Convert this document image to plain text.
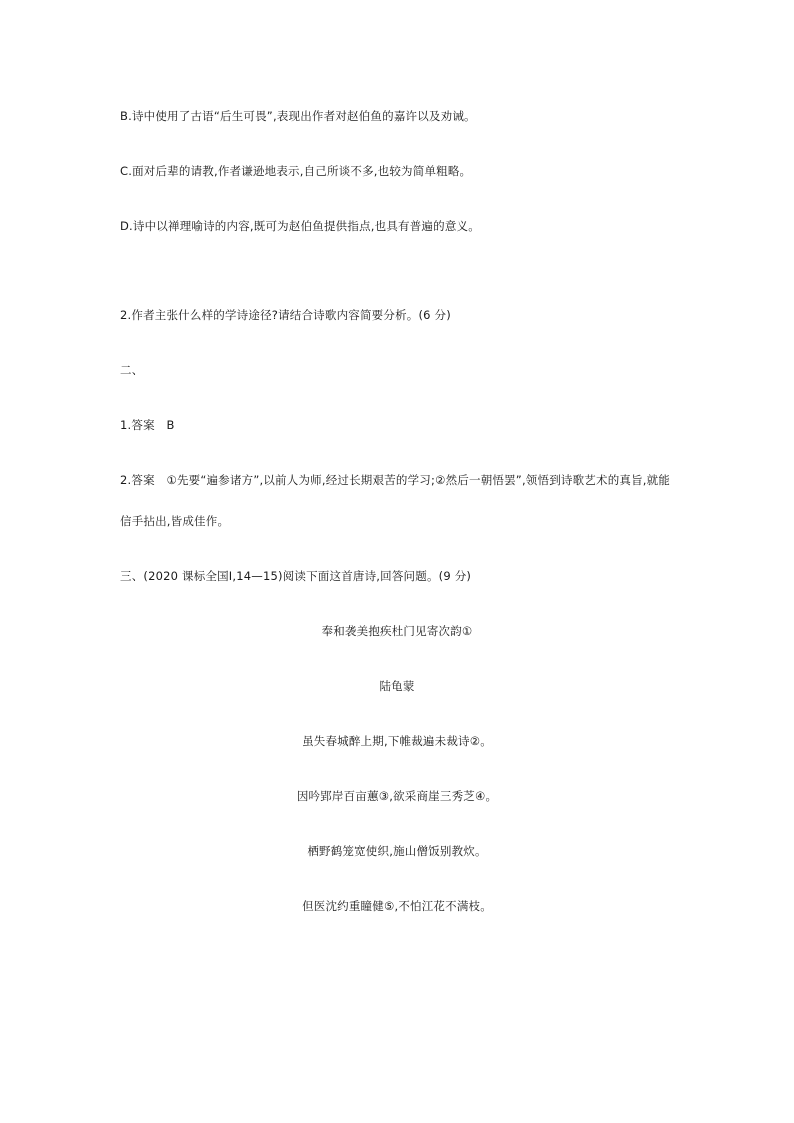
B.诗中使用了古语“后生可畏”,表现出作者对赵伯鱼的嘉许以及劝诫。
C.面对后辈的请教,作者谦逊地表示,自己所谈不多,也较为简单粗略。
D.诗中以禅理喻诗的内容,既可为赵伯鱼提供指点,也具有普遍的意义。
2.作者主张什么样的学诗途径?请结合诗歌内容简要分析。(6 分)
二、
1.答案　B
2.答案　①先要“遍参诸方”,以前人为师,经过长期艰苦的学习;②然后一朝悟罢”,领悟到诗歌艺术的真旨,就能
信手拈出,皆成佳作。
三、(2020 课标全国Ⅰ,14—15)阅读下面这首唐诗,回答问题。(9 分)
奉和袭美抱疾杜门见寄次韵①
陆龟蒙
虽失春城醉上期,下帷裁遍未裁诗②。
因吟郢岸百亩蕙③,欲采商崖三秀芝④。
栖野鹤笼宽使织,施山僧饭别教炊。
但医沈约重瞳健⑤,不怕江花不满枝。
